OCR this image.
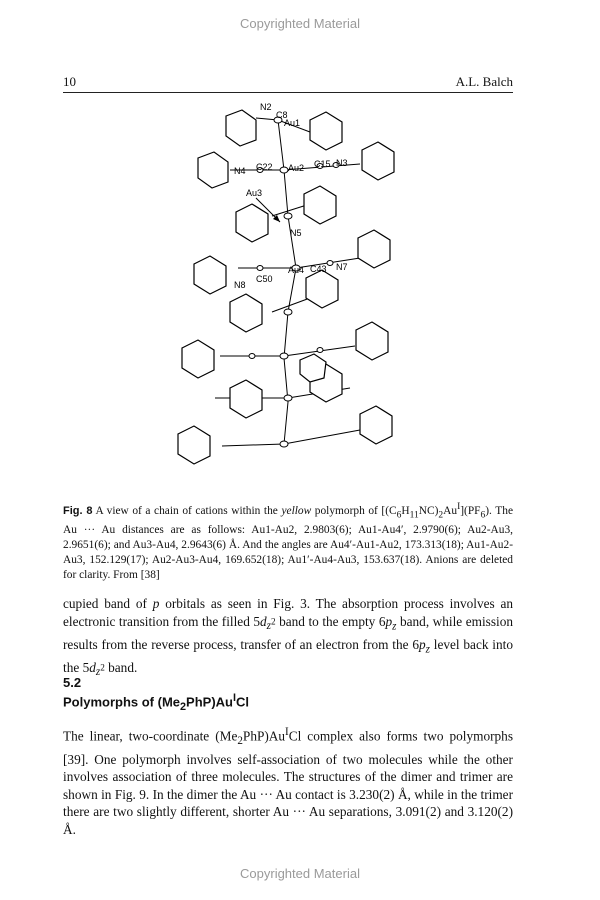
Copyrighted Material
10	A.L. Balch
N2
C8
Au1
N4 C22 Au2 C15 N3
Au3
N5
Au4 C43 N7
C50
N8
Fig. 8 A view of a chain of cations within the yellow polymorph of $[(C_6H_{11}NC)_2Au^I](PF_6)$. The Au ··· Au distances are as follows: Au1-Au2, 2.9803(6); Au1-Au4′, 2.9790(6); Au2-Au3, 2.9651(6); and Au3-Au4, 2.9643(6) Å. And the angles are Au4′-Au1-Au2, 173.313(18); Au1-Au2-Au3, 152.129(17); Au2-Au3-Au4, 169.652(18); Au1′-Au4-Au3, 153.637(18). Anions are deleted for clarity. From [38]
cupied band of p orbitals as seen in Fig. 3. The absorption process involves an electronic transition from the filled $5d_{z^2}$ band to the empty $6p_z$ band, while emission results from the reverse process, transfer of an electron from the $6p_z$ level back into the $5d_{z^2}$ band.
5.2
Polymorphs of $(Me_2PhP)Au^ICl$
The linear, two-coordinate $(Me_2PhP)Au^ICl$ complex also forms two polymorphs [39]. One polymorph involves self-association of two molecules while the other involves association of three molecules. The structures of the dimer and trimer are shown in Fig. 9. In the dimer the Au ··· Au contact is 3.230(2) Å, while in the trimer there are two slightly different, shorter Au ··· Au separations, 3.091(2) and 3.120(2) Å.
Copyrighted Material
